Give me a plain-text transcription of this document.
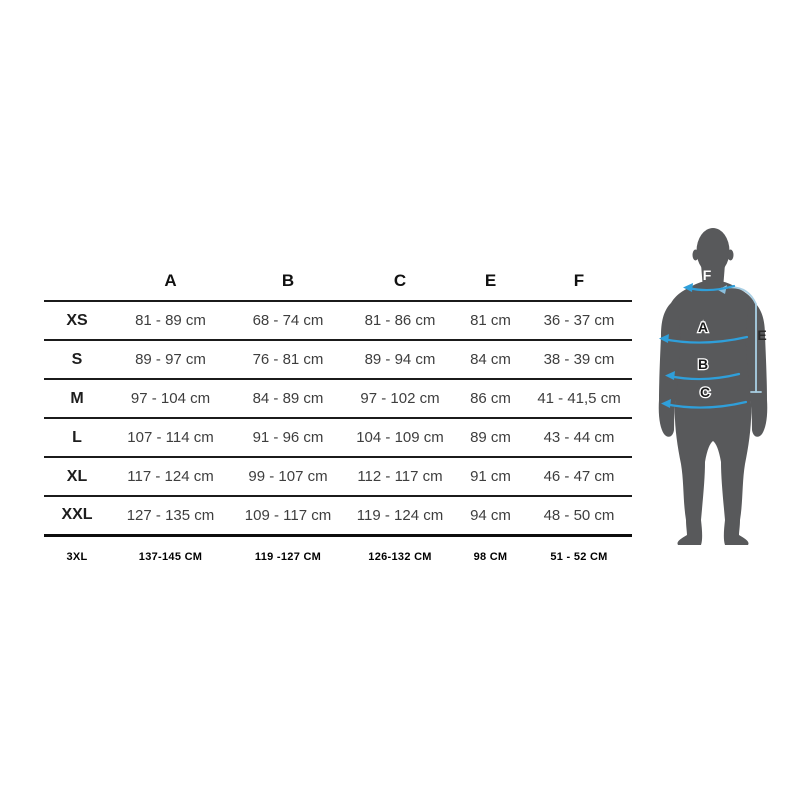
	A	B	C	E	F
XS	81 - 89 cm	68 - 74 cm	81 - 86 cm	81 cm	36 - 37 cm
S	89 - 97 cm	76 - 81 cm	89 - 94 cm	84 cm	38 - 39 cm
M	97 - 104 cm	84 - 89 cm	97 - 102 cm	86 cm	41 - 41,5 cm
L	107 - 114 cm	91 - 96 cm	104 - 109 cm	89 cm	43 - 44 cm
XL	117 - 124 cm	99 - 107 cm	112 - 117 cm	91 cm	46 - 47 cm
XXL	127 - 135 cm	109 - 117 cm	119 - 124 cm	94 cm	48 - 50 cm
3XL	137-145 см	119 -127 см	126-132 см	98 см	51 - 52 см
F
A
B
C
E
